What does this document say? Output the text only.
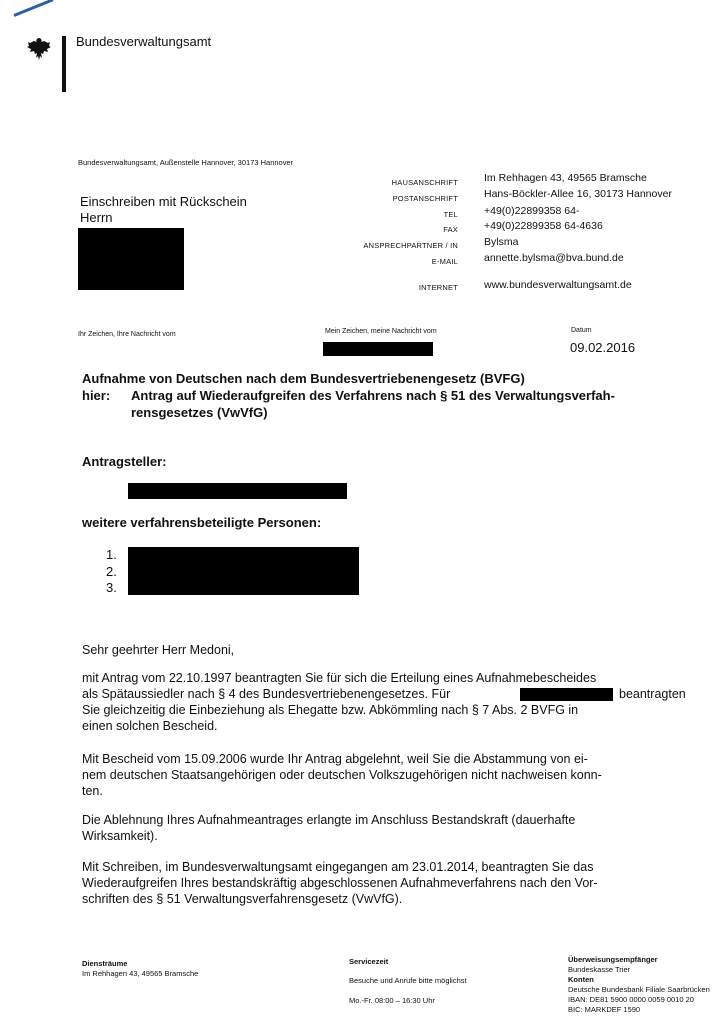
Bundesverwaltungsamt
Bundesverwaltungsamt, Außenstelle Hannover, 30173 Hannover
Einschreiben mit Rückschein
Herrn
HAUSANSCHRIFT Im Rehhagen 43, 49565 Bramsche
POSTANSCHRIFT Hans-Böckler-Allee 16, 30173 Hannover
TEL +49(0)22899358 64-
FAX +49(0)22899358 64-4636
ANSPRECHPARTNER / IN Bylsma
E-MAIL annette.bylsma@bva.bund.de
INTERNET www.bundesverwaltungsamt.de
Ihr Zeichen, Ihre Nachricht vom	Mein Zeichen, meine Nachricht vom	Datum
09.02.2016
Aufnahme von Deutschen nach dem Bundesvertriebenengesetz (BVFG)
hier: Antrag auf Wiederaufgreifen des Verfahrens nach § 51 des Verwaltungsverfah-
rensgesetzes (VwVfG)
Antragsteller:
weitere verfahrensbeteiligte Personen:
1.
2.
3.
Sehr geehrter Herr Medoni,
mit Antrag vom 22.10.1997 beantragten Sie für sich die Erteilung eines Aufnahmebescheides
als Spätaussiedler nach § 4 des Bundesvertriebenengesetzes. Für	beantragten
Sie gleichzeitig die Einbeziehung als Ehegatte bzw. Abkömmling nach § 7 Abs. 2 BVFG in
einen solchen Bescheid.
Mit Bescheid vom 15.09.2006 wurde Ihr Antrag abgelehnt, weil Sie die Abstammung von ei-
nem deutschen Staatsangehörigen oder deutschen Volkszugehörigen nicht nachweisen konn-
ten.
Die Ablehnung Ihres Aufnahmeantrages erlangte im Anschluss Bestandskraft (dauerhafte
Wirksamkeit).
Mit Schreiben, im Bundesverwaltungsamt eingegangen am 23.01.2014, beantragten Sie das
Wiederaufgreifen Ihres bestandskräftig abgeschlossenen Aufnahmeverfahrens nach den Vor-
schriften des § 51 Verwaltungsverfahrensgesetz (VwVfG).
Diensträume
Im Rehhagen 43, 49565 Bramsche
Servicezeit
Besuche und Anrufe bitte möglichst
Mo.-Fr. 08:00 – 16:30 Uhr
Überweisungsempfänger
Bundeskasse Trier
Konten
Deutsche Bundesbank Filiale Saarbrücken
IBAN: DE81 5900 0000 0059 0010 20
BIC: MARKDEF 1590
